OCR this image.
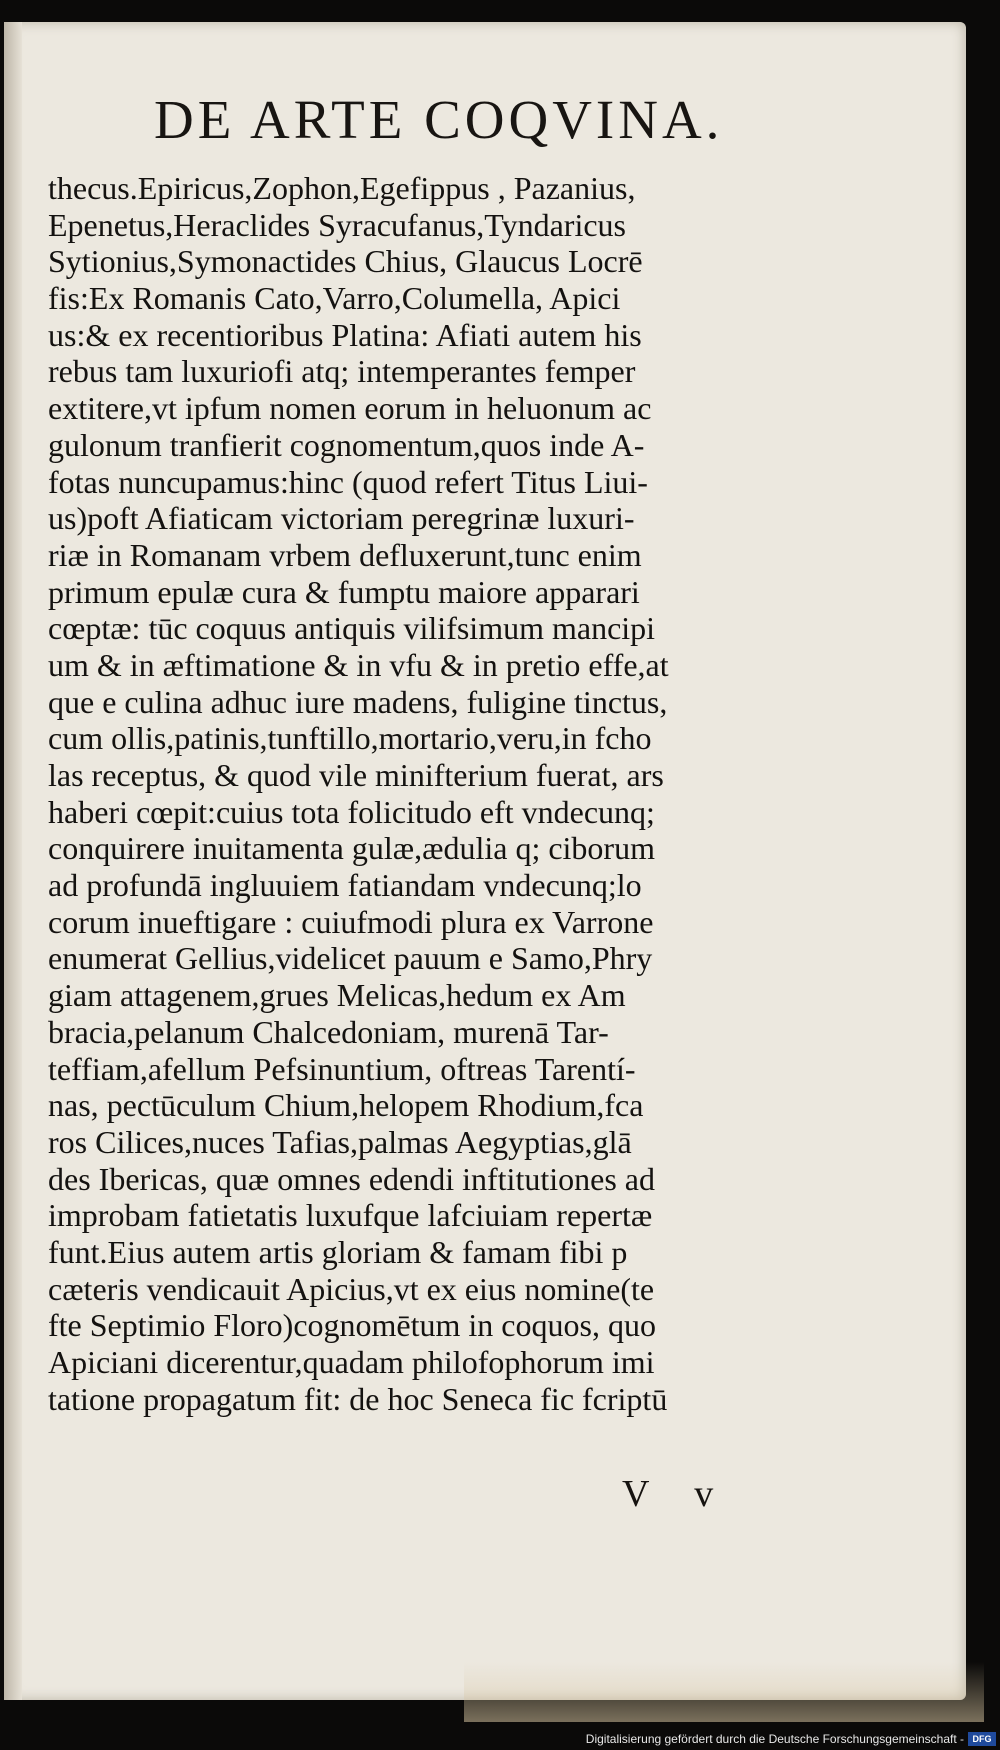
DE ARTE COQVINA.
thecus.Epiricus,Zophon,Egefippus , Pazanius,
Epenetus,Heraclides Syracufanus,Tyndaricus
Sytionius,Symonactides Chius, Glaucus Locrē
fis:Ex Romanis Cato,Varro,Columella, Apici
us:& ex recentioribus Platina: Afiati autem his
rebus tam luxuriofi atq; intemperantes femper
extitere,vt ipfum nomen eorum in heluonum ac
gulonum tranfierit cognomentum,quos inde A-
fotas nuncupamus:hinc (quod refert Titus Liui-
us)poft Afiaticam victoriam peregrinæ luxuri-
riæ in Romanam vrbem defluxerunt,tunc enim
primum epulæ cura & fumptu maiore apparari
cœptæ: tūc coquus antiquis vilifsimum mancipi
um & in æftimatione & in vfu & in pretio effe,at
que e culina adhuc iure madens, fuligine tinctus,
cum ollis,patinis,tunftillo,mortario,veru,in fcho
las receptus, & quod vile minifterium fuerat, ars
haberi cœpit:cuius tota folicitudo eft vndecunq;
conquirere inuitamenta gulæ,ædulia q; ciborum
ad profundā ingluuiem fatiandam vndecunq;lo
corum inueftigare : cuiufmodi plura ex Varrone
enumerat Gellius,videlicet pauum e Samo,Phry
giam attagenem,grues Melicas,hedum ex Am
bracia,pelanum Chalcedoniam, murenā Tar-
teffiam,afellum Pefsinuntium, oftreas Tarentí-
nas, pectūculum Chium,helopem Rhodium,fca
ros Cilices,nuces Tafias,palmas Aegyptias,glā
des Ibericas, quæ omnes edendi inftitutiones ad
improbam fatietatis luxufque lafciuiam repertæ
funt.Eius autem artis gloriam & famam fibi p
cæteris vendicauit Apicius,vt ex eius nomine(te
fte Septimio Floro)cognomētum in coquos, quo
Apiciani dicerentur,quadam philofophorum imi
tatione propagatum fit: de hoc Seneca fic fcriptū
V v
Digitalisierung gefördert durch die Deutsche Forschungsgemeinschaft - DFG
